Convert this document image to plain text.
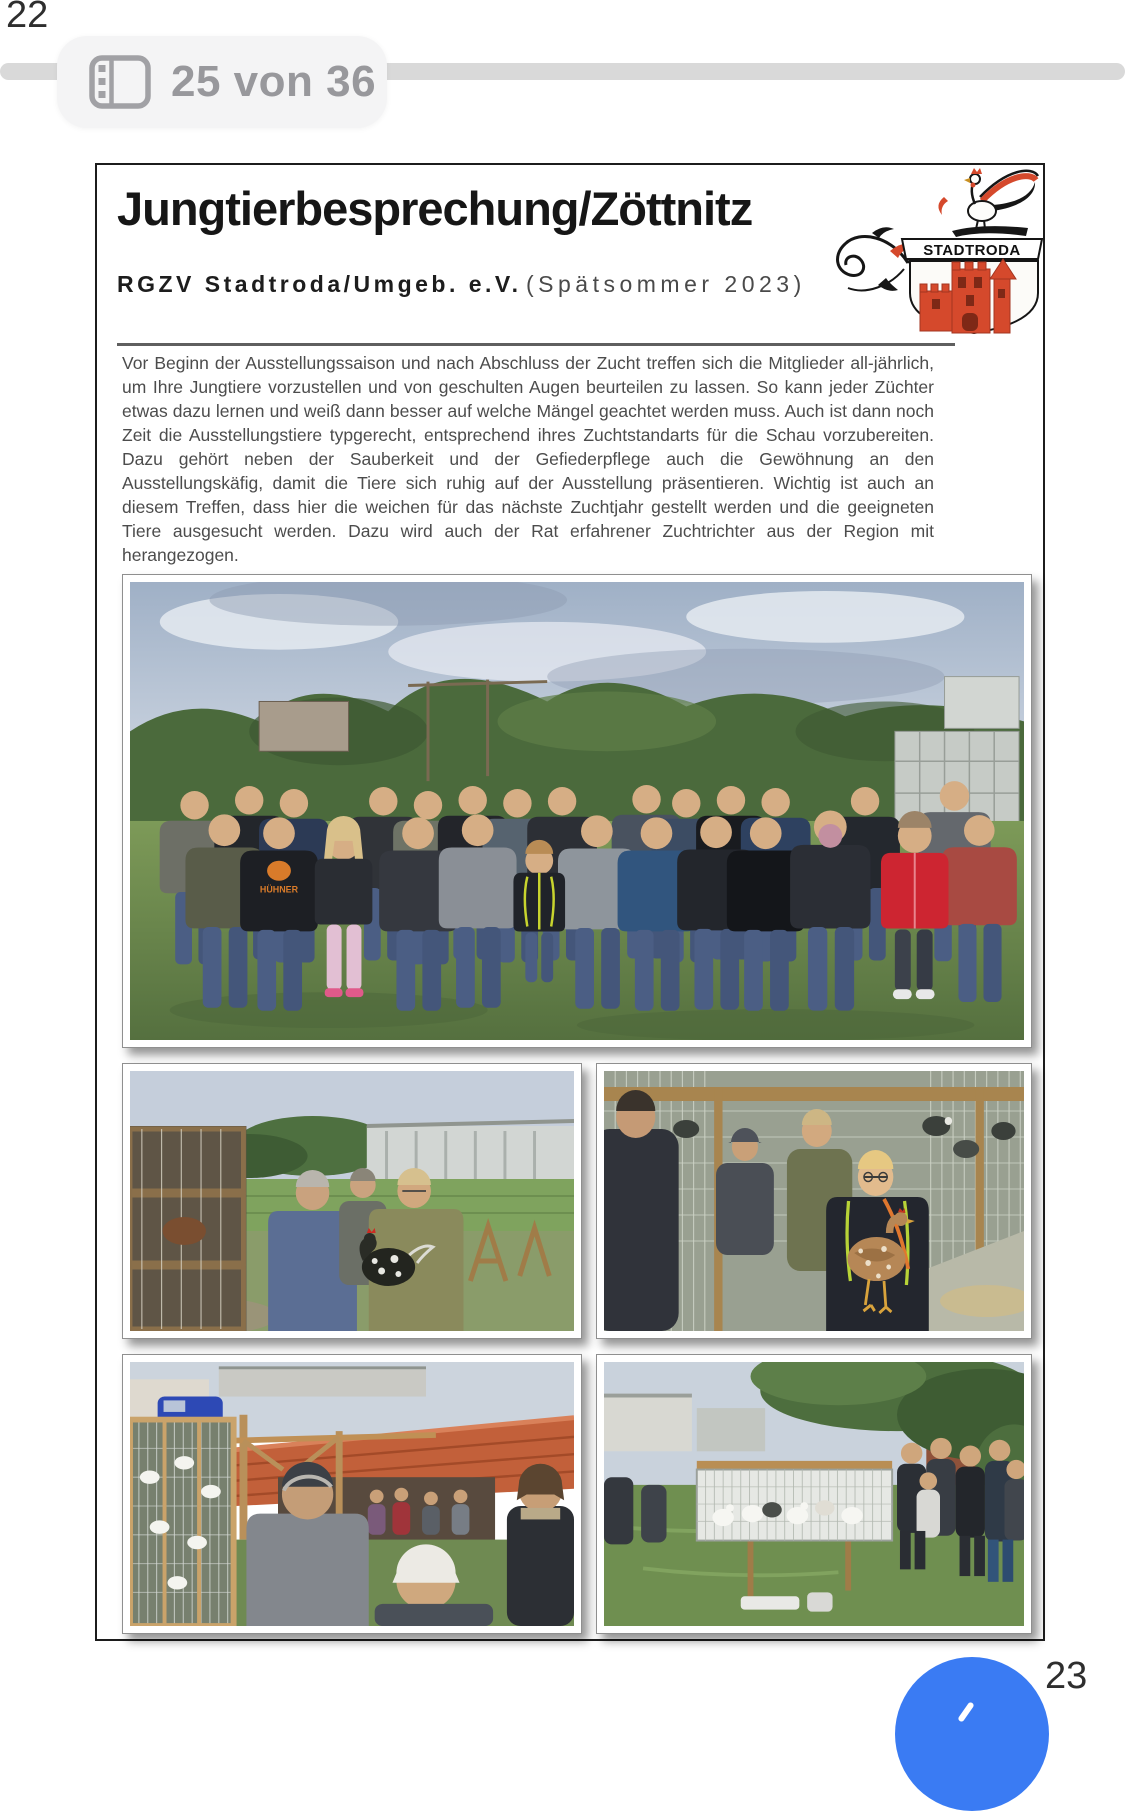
22
25 von 36
Jungtierbesprechung/Zöttnitz
RGZV Stadtroda/Umgeb. e.V. (Spätsommer 2023)
STADTRODA
Vor Beginn der Ausstellungssaison und nach Abschluss der Zucht treffen sich die Mitglieder all-jährlich, um Ihre Jungtiere vorzustellen und von geschulten Augen beurteilen zu lassen. So kann jeder Züchter etwas dazu lernen und weiß dann besser auf welche Mängel geachtet werden muss. Auch ist dann noch Zeit die Ausstellungstiere typgerecht, entsprechend ihres Zuchtstandarts für die Schau vorzubereiten. Dazu gehört neben der Sauberkeit und der Gefiederpflege auch die Gewöhnung an den Ausstellungskäfig, damit die Tiere sich ruhig auf der Ausstellung präsentieren. Wichtig ist auch an diesem Treffen, dass hier die weichen für das nächste Zuchtjahr gestellt werden und die geeigneten Tiere ausgesucht werden. Dazu wird auch der Rat erfahrener Zuchtrichter aus der Region mit herangezogen.
HÜHNER
23
